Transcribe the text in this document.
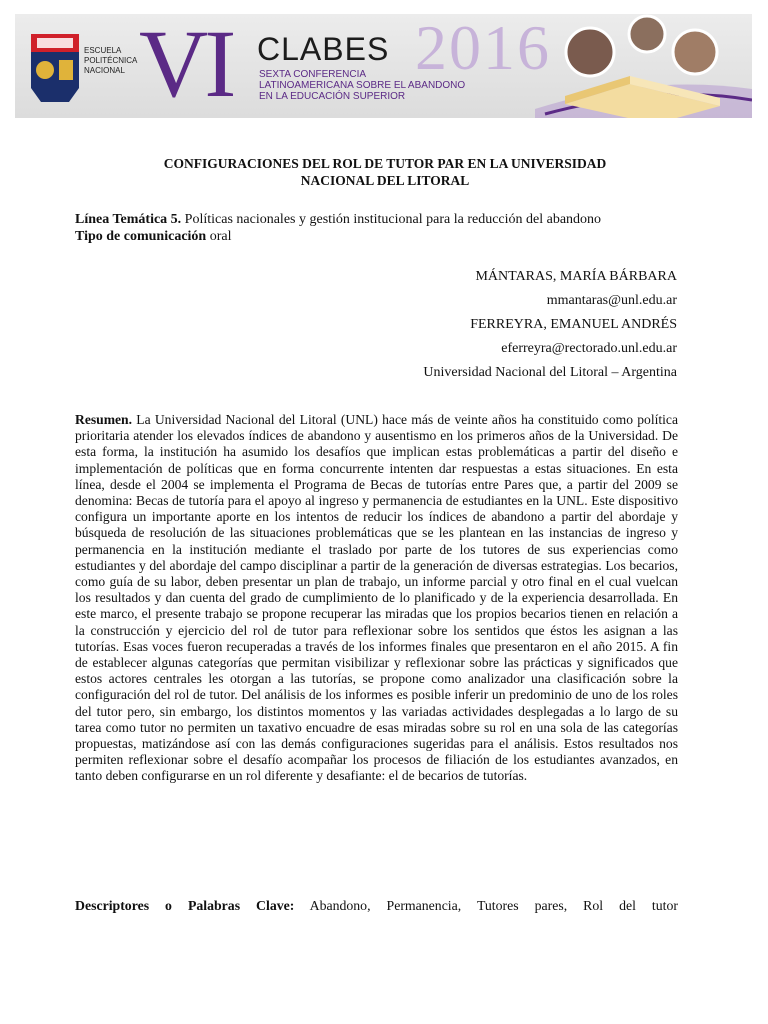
ESCUELA
POLITÉCNICA
NACIONAL	2016
VI CLABES
SEXTA CONFERENCIA
LATINOAMERICANA SOBRE EL ABANDONO
EN LA EDUCACIÓN SUPERIOR
CONFIGURACIONES DEL ROL DE TUTOR PAR EN LA UNIVERSIDAD
NACIONAL DEL LITORAL
Línea Temática 5. Políticas nacionales y gestión institucional para la reducción del abandono
Tipo de comunicación oral
MÁNTARAS, MARÍA BÁRBARA
mmantaras@unl.edu.ar
FERREYRA, EMANUEL ANDRÉS
eferreyra@rectorado.unl.edu.ar
Universidad Nacional del Litoral – Argentina

Resumen. La Universidad Nacional del Litoral (UNL) hace más de veinte años ha constituido como política prioritaria atender los elevados índices de abandono y ausentismo en los primeros años de la Universidad. De esta forma, la institución ha asumido los desafíos que implican estas problemáticas a partir del diseño e implementación de políticas que en forma concurrente intenten dar respuestas a estas situaciones. En esta línea, desde el 2004 se implementa el Programa de Becas de tutorías entre Pares que, a partir del 2009 se denomina: Becas de tutoría para el apoyo al ingreso y permanencia de estudiantes en la UNL. Este dispositivo configura un importante aporte en los intentos de reducir los índices de abandono a partir del abordaje y búsqueda de resolución de las situaciones problemáticas que se les plantean en las instancias de ingreso y permanencia en la institución mediante el traslado por parte de los tutores de sus experiencias como estudiantes y del abordaje del campo disciplinar a partir de la generación de diversas estrategias. Los becarios, como guía de su labor, deben presentar un plan de trabajo, un informe parcial y otro final en el cual vuelcan los resultados y dan cuenta del grado de cumplimiento de lo planificado y de la experiencia desarrollada. En este marco, el presente trabajo se propone recuperar las miradas que los propios becarios tienen en relación a la construcción y ejercicio del rol de tutor para reflexionar sobre los sentidos que éstos les asignan a las tutorías. Esas voces fueron recuperadas a través de los informes finales que presentaron en el año 2015. A fin de establecer algunas categorías que permitan visibilizar y reflexionar sobre las prácticas y significados que estos actores centrales les otorgan a las tutorías, se propone como analizador una clasificación sobre la configuración del rol de tutor. Del análisis de los informes es posible inferir un predominio de uno de los roles del tutor pero, sin embargo, los distintos momentos y las variadas actividades desplegadas a lo largo de su tarea como tutor no permiten un taxativo encuadre de esas miradas sobre su rol en una sola de las categorías propuestas, matizándose así con las demás configuraciones sugeridas para el análisis. Estos resultados nos permiten reflexionar sobre el desafío acompañar los procesos de filiación de los estudiantes avanzados, en tanto deben configurarse en un rol diferente y desafiante: el de becarios de tutorías.

Descriptores o Palabras Clave: Abandono, Permanencia, Tutores pares, Rol del tutor
